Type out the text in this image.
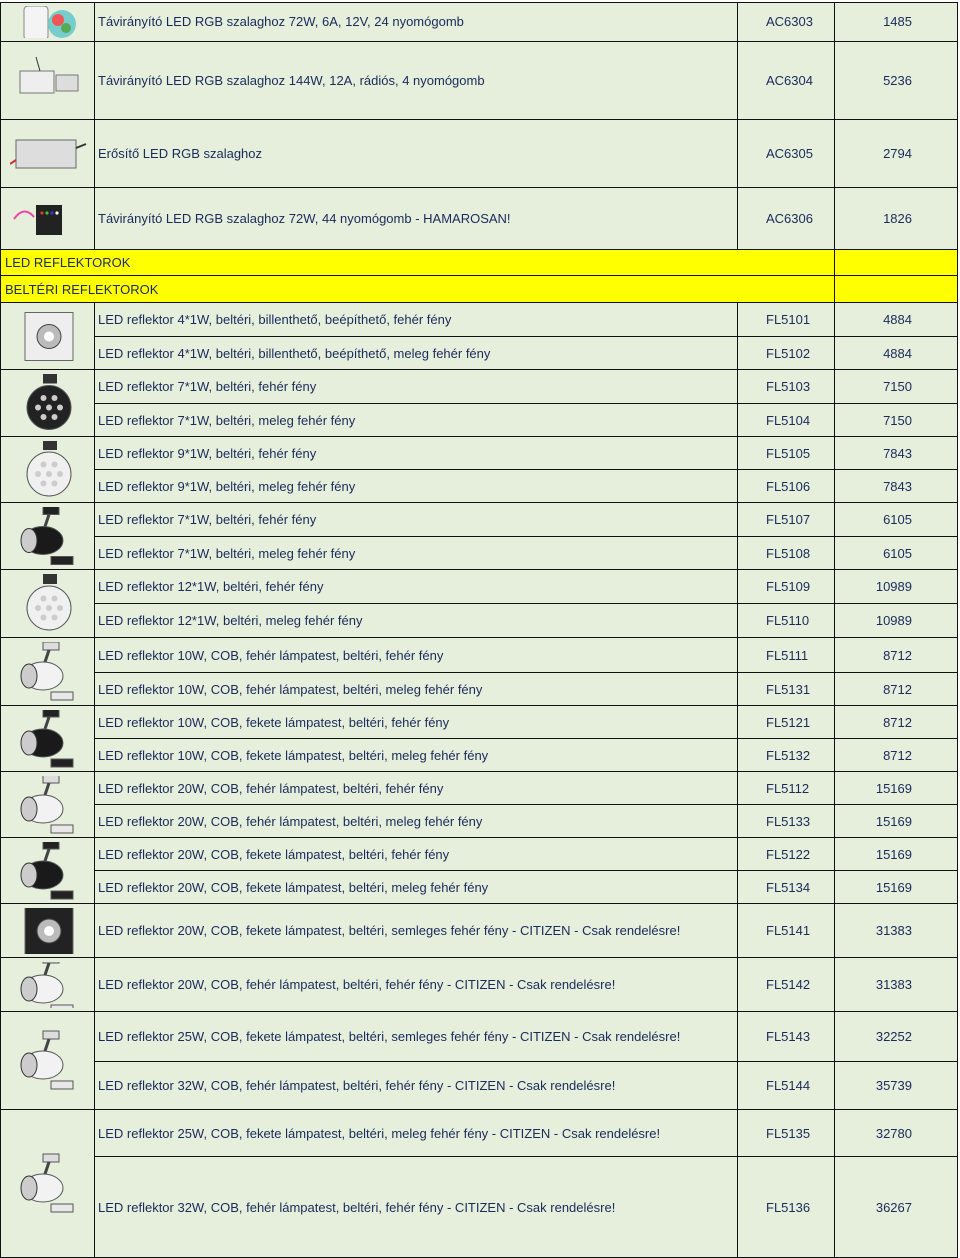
Távirányító LED RGB szalaghoz 72W, 6A, 12V, 24 nyomógomb	AC6303	1485
Távirányító LED RGB szalaghoz 144W, 12A, rádiós, 4 nyomógomb	AC6304	5236
Erősítő LED RGB szalaghoz	AC6305	2794
Távirányító LED RGB szalaghoz 72W, 44 nyomógomb - HAMAROSAN!	AC6306	1826
LED REFLEKTOROK
BELTÉRI REFLEKTOROK
LED reflektor 4*1W, beltéri, billenthető, beépíthető, fehér fény	FL5101	4884
LED reflektor 4*1W, beltéri, billenthető, beépíthető, meleg fehér fény	FL5102	4884
LED reflektor 7*1W, beltéri, fehér fény	FL5103	7150
LED reflektor 7*1W, beltéri, meleg fehér fény	FL5104	7150
LED reflektor 9*1W, beltéri, fehér fény	FL5105	7843
LED reflektor 9*1W, beltéri, meleg fehér fény	FL5106	7843
LED reflektor 7*1W, beltéri, fehér fény	FL5107	6105
LED reflektor 7*1W, beltéri, meleg fehér fény	FL5108	6105
LED reflektor 12*1W, beltéri, fehér fény	FL5109	10989
LED reflektor 12*1W, beltéri, meleg fehér fény	FL5110	10989
LED reflektor 10W, COB, fehér lámpatest, beltéri, fehér fény	FL5111	8712
LED reflektor 10W, COB, fehér lámpatest, beltéri, meleg fehér fény	FL5131	8712
LED reflektor 10W, COB, fekete lámpatest, beltéri, fehér fény	FL5121	8712
LED reflektor 10W, COB, fekete lámpatest, beltéri, meleg fehér fény	FL5132	8712
LED reflektor 20W, COB, fehér lámpatest, beltéri, fehér fény	FL5112	15169
LED reflektor 20W, COB, fehér lámpatest, beltéri, meleg fehér fény	FL5133	15169
LED reflektor 20W, COB, fekete lámpatest, beltéri, fehér fény	FL5122	15169
LED reflektor 20W, COB, fekete lámpatest, beltéri, meleg fehér fény	FL5134	15169
LED reflektor 20W, COB, fekete lámpatest, beltéri, semleges fehér fény - CITIZEN - Csak rendelésre!	FL5141	31383
LED reflektor 20W, COB, fehér lámpatest, beltéri, fehér fény - CITIZEN - Csak rendelésre!	FL5142	31383
LED reflektor 25W, COB, fekete lámpatest, beltéri, semleges fehér fény - CITIZEN - Csak rendelésre!	FL5143	32252
LED reflektor 32W, COB, fehér lámpatest, beltéri, fehér fény - CITIZEN - Csak rendelésre!	FL5144	35739
LED reflektor 25W, COB, fekete lámpatest, beltéri, meleg fehér fény - CITIZEN - Csak rendelésre!	FL5135	32780
LED reflektor 32W, COB, fehér lámpatest, beltéri, fehér fény - CITIZEN - Csak rendelésre!	FL5136	36267
